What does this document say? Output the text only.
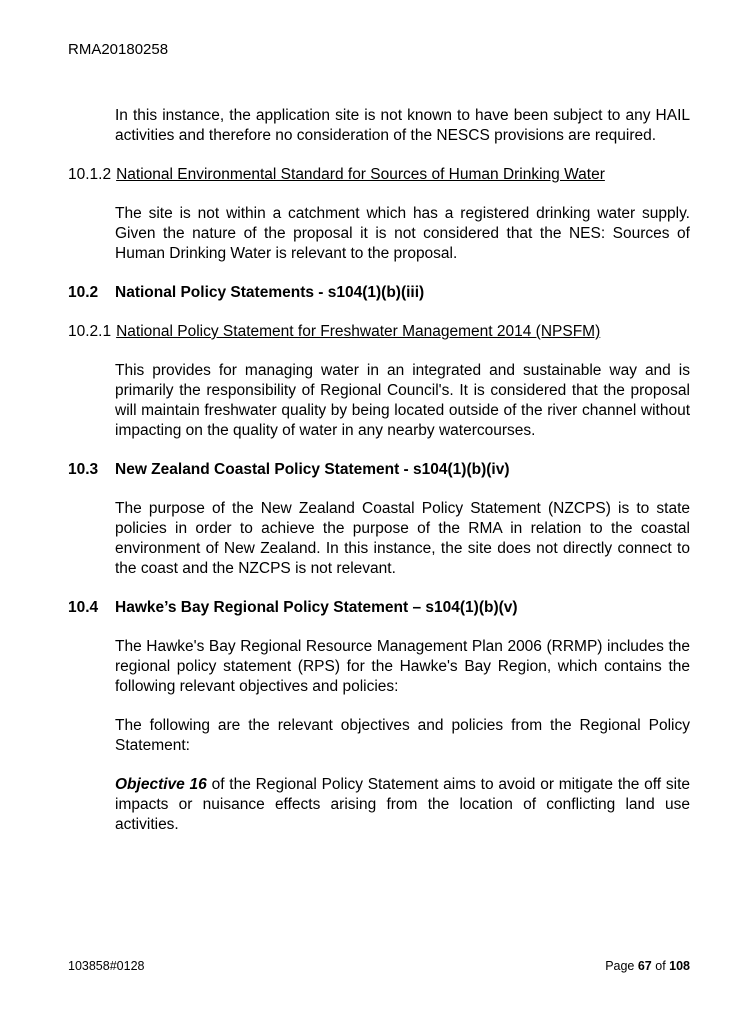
RMA20180258

In this instance, the application site is not known to have been subject to any HAIL activities and therefore no consideration of the NESCS provisions are required.

10.1.2 National Environmental Standard for Sources of Human Drinking Water

The site is not within a catchment which has a registered drinking water supply. Given the nature of the proposal it is not considered that the NES: Sources of Human Drinking Water is relevant to the proposal.

10.2	National Policy Statements - s104(1)(b)(iii)
10.2.1 National Policy Statement for Freshwater Management 2014 (NPSFM)

This provides for managing water in an integrated and sustainable way and is primarily the responsibility of Regional Council's. It is considered that the proposal will maintain freshwater quality by being located outside of the river channel without impacting on the quality of water in any nearby watercourses.

10.3	New Zealand Coastal Policy Statement - s104(1)(b)(iv)

The purpose of the New Zealand Coastal Policy Statement (NZCPS) is to state policies in order to achieve the purpose of the RMA in relation to the coastal environment of New Zealand. In this instance, the site does not directly connect to the coast and the NZCPS is not relevant.

10.4	Hawke’s Bay Regional Policy Statement – s104(1)(b)(v)

The Hawke's Bay Regional Resource Management Plan 2006 (RRMP) includes the regional policy statement (RPS) for the Hawke's Bay Region, which contains the following relevant objectives and policies:

The following are the relevant objectives and policies from the Regional Policy Statement:

Objective 16 of the Regional Policy Statement aims to avoid or mitigate the off site impacts or nuisance effects arising from the location of conflicting land use activities.

103858#0128	Page 67 of 108
